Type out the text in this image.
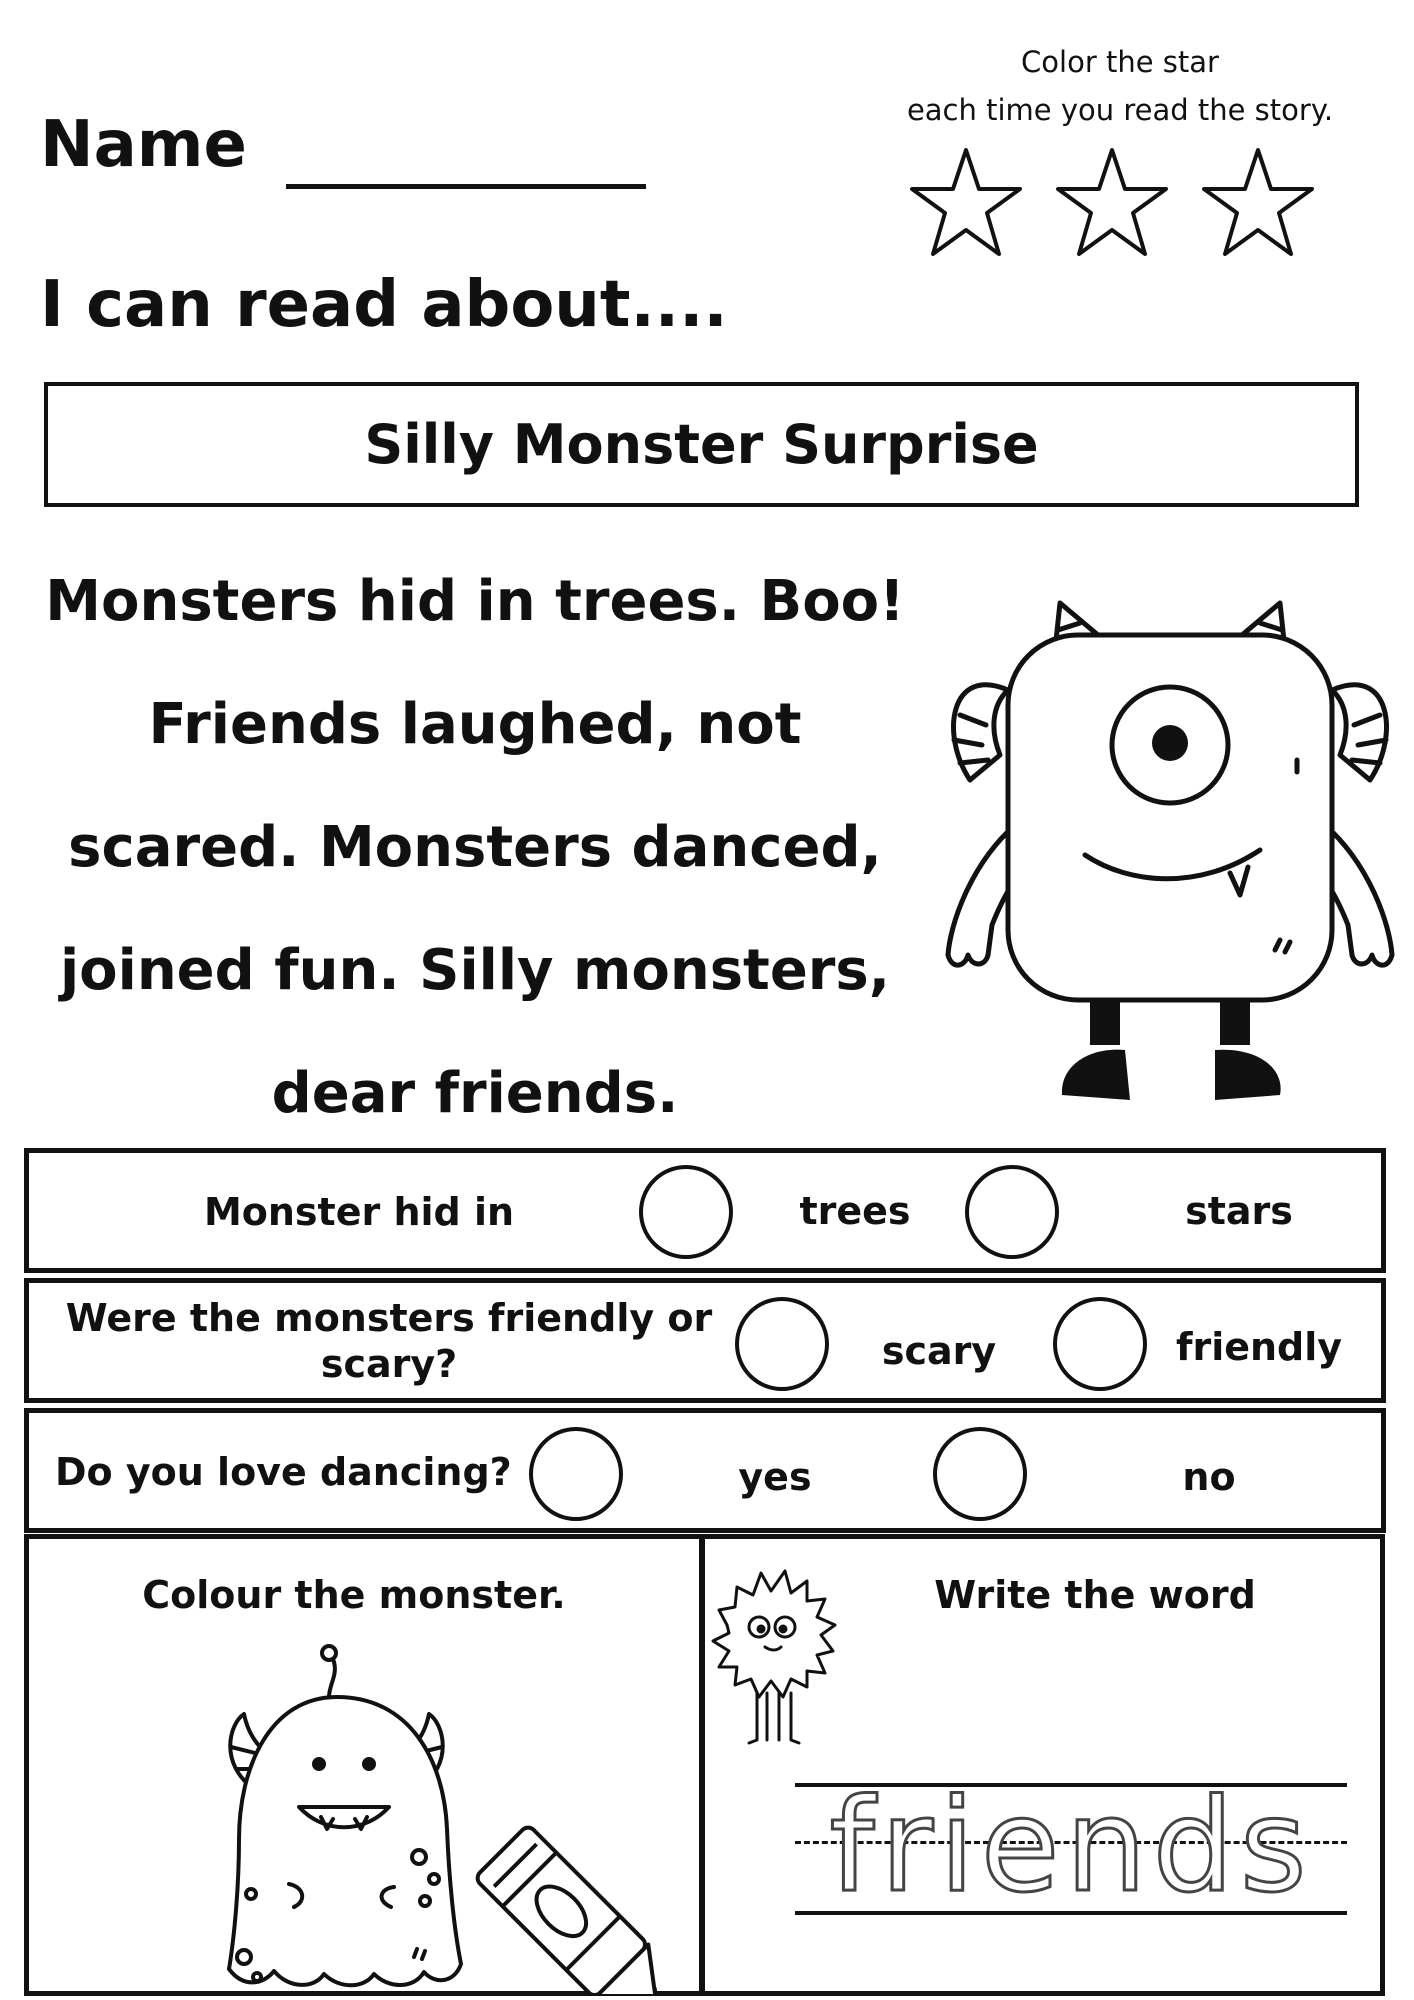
Name
Color the star
each time you read the story.
I can read about....
Silly Monster Surprise
Monsters hid in trees. Boo!
Friends laughed, not
scared. Monsters danced,
joined fun. Silly monsters,
dear friends.
Monster hid in	trees	stars
Were the monsters friendly or scary?	scary	friendly
Do you love dancing?	yes	no
Colour the monster.	Write the word
friends
